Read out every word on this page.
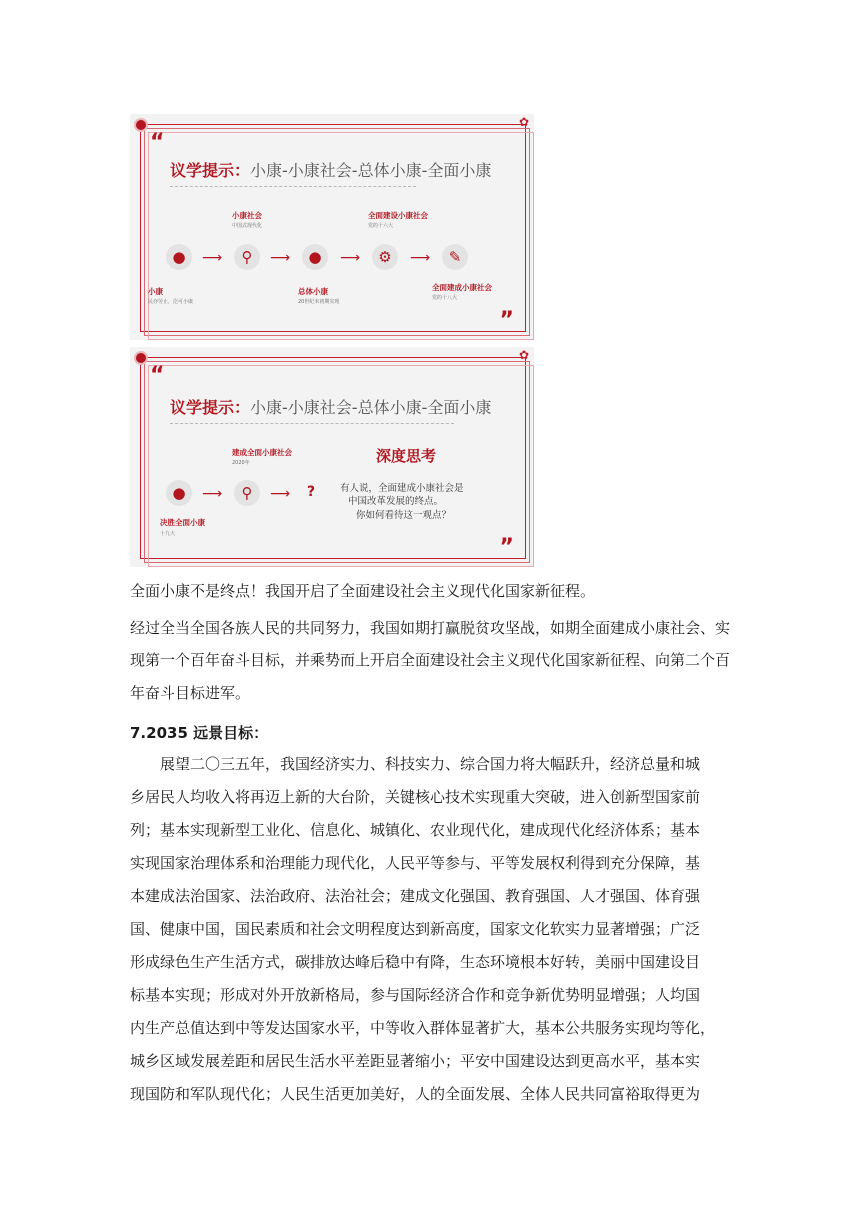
✿
“
议学提示：小康-小康社会-总体小康-全面小康
小康社会
中国式现代化
全面建设小康社会
党的十六大
●	⟶	⚲	⟶	●	⟶	⚙	⟶	✎
小康
民亦劳止，汔可小康
总体小康
20世纪末初期实现
全面建成小康社会
党的十八大
”
✿
“
议学提示：小康-小康社会-总体小康-全面小康
建成全面小康社会
2020年
●	⟶	⚲	⟶ ?
决胜全面小康
十九大
深度思考
有人说，全面建成小康社会是
中国改革发展的终点。
你如何看待这一观点？
”
全面小康不是终点！我国开启了全面建设社会主义现代化国家新征程。
经过全当全国各族人民的共同努力，我国如期打赢脱贫攻坚战，如期全面建成小康社会、实
现第一个百年奋斗目标，并乘势而上开启全面建设社会主义现代化国家新征程、向第二个百
年奋斗目标进军。
7.2035 远景目标：
展望二〇三五年，我国经济实力、科技实力、综合国力将大幅跃升，经济总量和城
乡居民人均收入将再迈上新的大台阶，关键核心技术实现重大突破，进入创新型国家前
列；基本实现新型工业化、信息化、城镇化、农业现代化，建成现代化经济体系；基本
实现国家治理体系和治理能力现代化，人民平等参与、平等发展权利得到充分保障，基
本建成法治国家、法治政府、法治社会；建成文化强国、教育强国、人才强国、体育强
国、健康中国，国民素质和社会文明程度达到新高度，国家文化软实力显著增强；广泛
形成绿色生产生活方式，碳排放达峰后稳中有降，生态环境根本好转，美丽中国建设目
标基本实现；形成对外开放新格局，参与国际经济合作和竞争新优势明显增强；人均国
内生产总值达到中等发达国家水平，中等收入群体显著扩大，基本公共服务实现均等化，
城乡区域发展差距和居民生活水平差距显著缩小；平安中国建设达到更高水平，基本实
现国防和军队现代化；人民生活更加美好，人的全面发展、全体人民共同富裕取得更为
